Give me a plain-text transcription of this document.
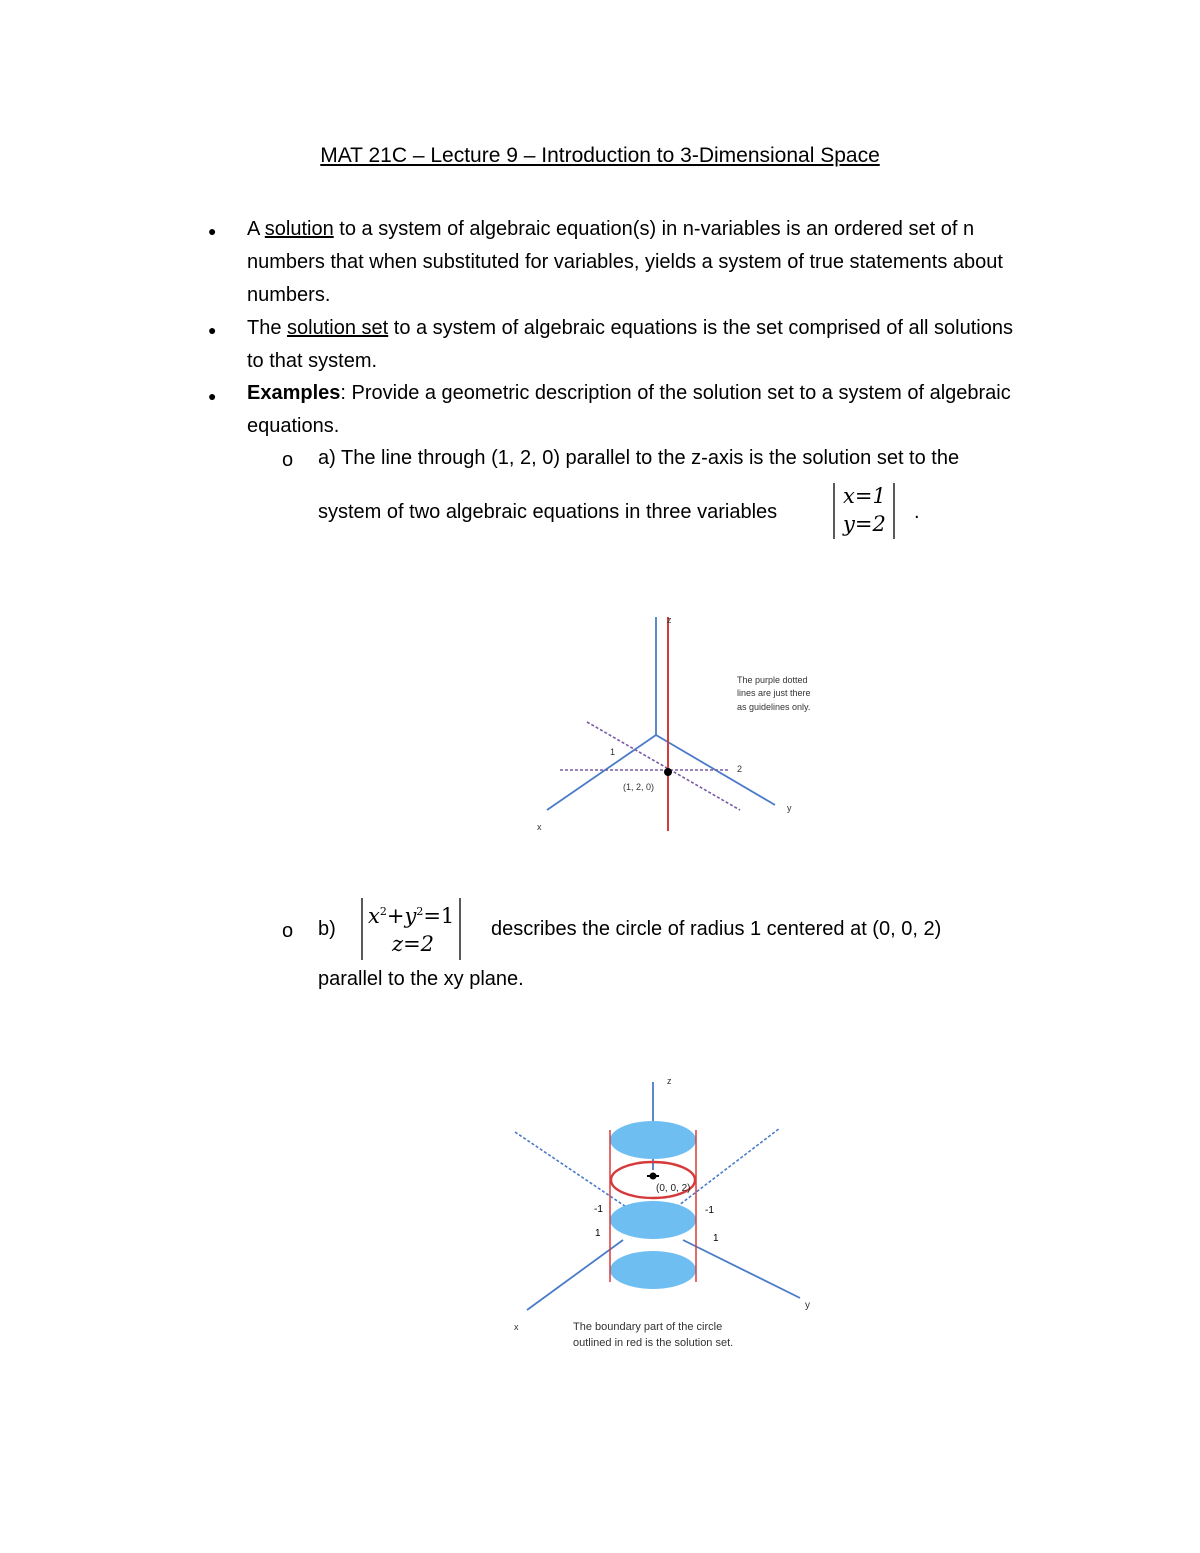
MAT 21C – Lecture 9 – Introduction to 3-Dimensional Space
● A solution to a system of algebraic equation(s) in n-variables is an ordered set of n numbers that when substituted for variables, yields a system of true statements about numbers.
● The solution set to a system of algebraic equations is the set comprised of all solutions to that system.
● Examples: Provide a geometric description of the solution set to a system of algebraic equations.
o a) The line through (1, 2, 0) parallel to the z-axis is the solution set to the
system of two algebraic equations in three variables
x=1
y=2 .
z
x
y
1
2
(1, 2, 0)
The purple dotted
lines are just there
as guidelines only.
o b)
$x^2+y^2=1$
z=2
describes the circle of radius 1 centered at (0, 0, 2)
parallel to the xy plane.
z
x
y
-1
1
-1
1
(0, 0, 2)
The boundary part of the circle
outlined in red is the solution set.
